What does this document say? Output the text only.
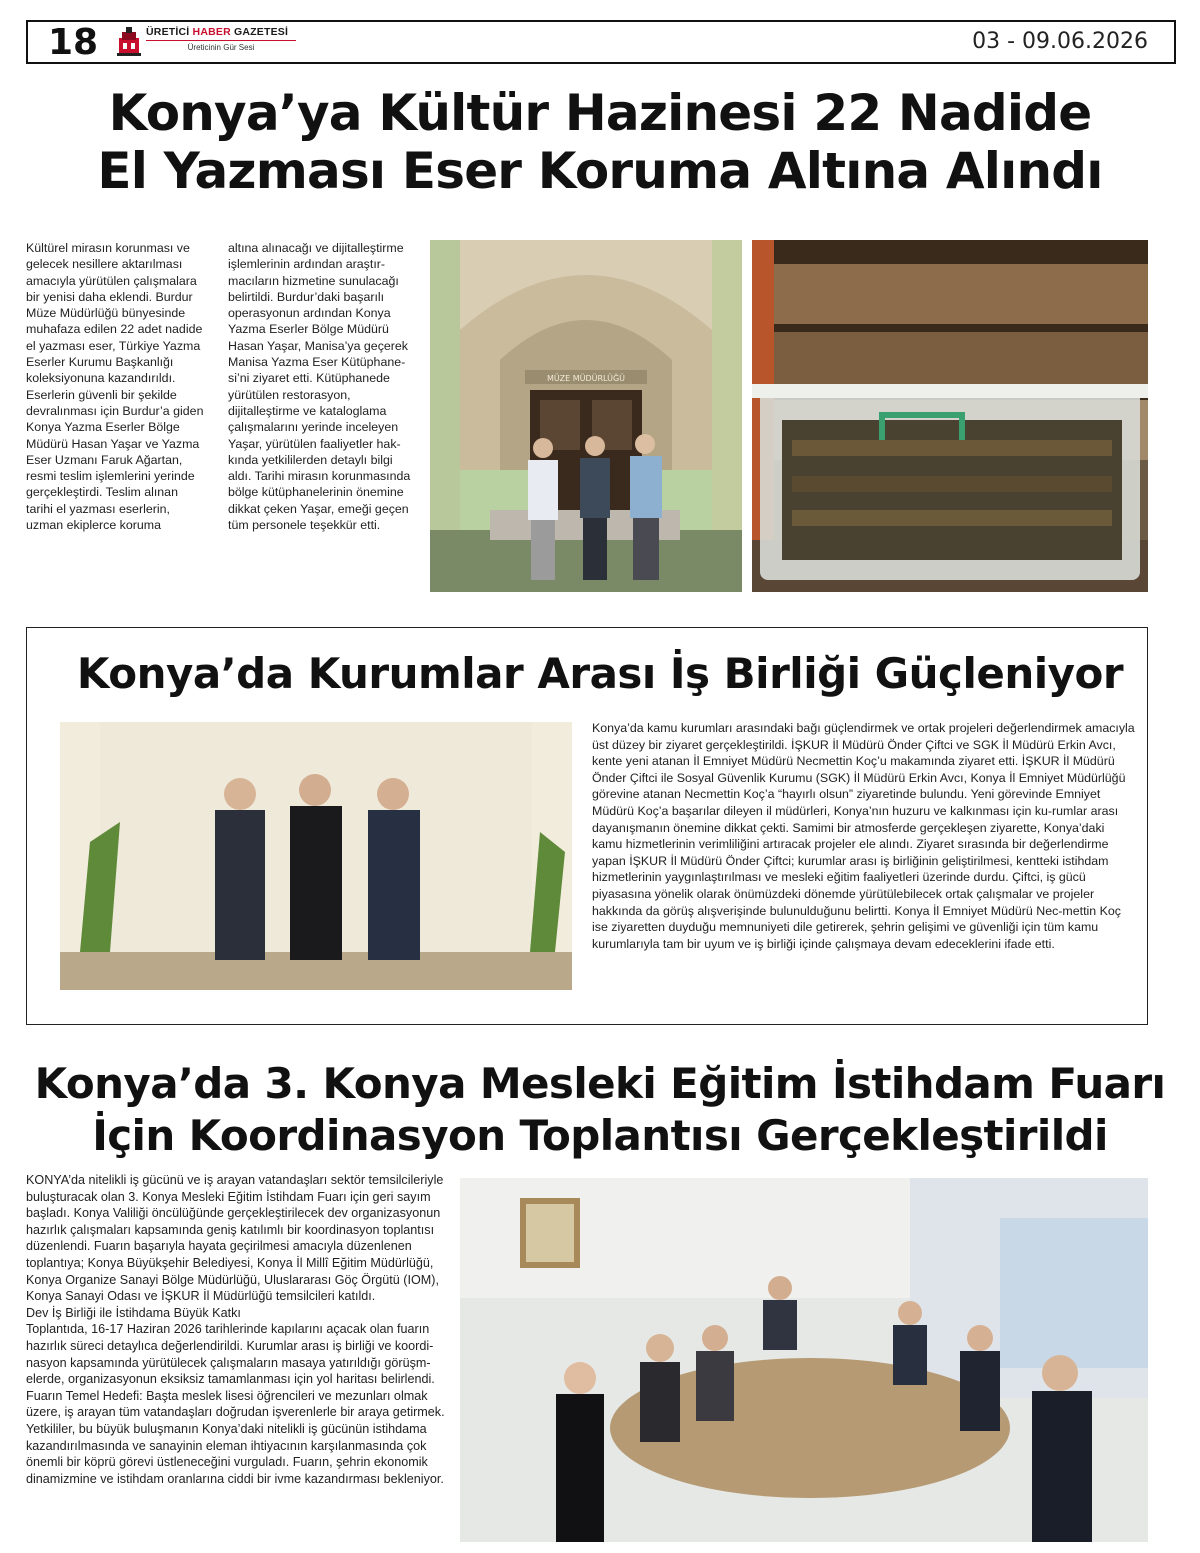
18	ÜRETİCİ HABER GAZETESİ
Üreticinin Gür Sesi	03 - 09.06.2026
Konya’ya Kültür Hazinesi 22 Nadide
El Yazması Eser Koruma Altına Alındı

Kültürel mirasın korunması ve gelecek nesillere aktarılması amacıyla yürütülen çalışmalara bir yenisi daha eklendi. Burdur Müze Müdürlüğü bünyesinde muhafaza edilen 22 adet nadide el yazması eser, Türkiye Yazma Eserler Kurumu Başkanlığı koleksiyonuna kazandırıldı. Eserlerin güvenli bir şekilde devralınması için Burdur’a giden Konya Yazma Eserler Bölge Müdürü Hasan Yaşar ve Yazma Eser Uzmanı Faruk Ağartan, resmi teslim işlemlerini yerinde gerçekleştirdi. Teslim alınan tarihi el yazması eserlerin, uzman ekiplerce koruma

altına alınacağı ve dijitalleştirme işlemlerinin ardından araştır-macıların hizmetine sunulacağı belirtildi. Burdur’daki başarılı operasyonun ardından Konya Yazma Eserler Bölge Müdürü Hasan Yaşar, Manisa’ya geçerek Manisa Yazma Eser Kütüphane-si’ni ziyaret etti. Kütüphanede yürütülen restorasyon, dijitalleştirme ve kataloglama çalışmalarını yerinde inceleyen Yaşar, yürütülen faaliyetler hak-kında yetkililerden detaylı bilgi aldı. Tarihi mirasın korunmasında bölge kütüphanelerinin önemine dikkat çeken Yaşar, emeği geçen tüm personele teşekkür etti.

MÜZE MÜDÜRLÜĞÜ
Konya’da Kurumlar Arası İş Birliği Güçleniyor

Konya’da kamu kurumları arasındaki bağı güçlendirmek ve ortak projeleri değerlendirmek amacıyla üst düzey bir ziyaret gerçekleştirildi. İŞKUR İl Müdürü Önder Çiftci ve SGK İl Müdürü Erkin Avcı, kente yeni atanan İl Emniyet Müdürü Necmettin Koç’u makamında ziyaret etti. İŞKUR İl Müdürü Önder Çiftci ile Sosyal Güvenlik Kurumu (SGK) İl Müdürü Erkin Avcı, Konya İl Emniyet Müdürlüğü görevine atanan Necmettin Koç’a “hayırlı olsun” ziyaretinde bulundu. Yeni görevinde Emniyet Müdürü Koç’a başarılar dileyen il müdürleri, Konya’nın huzuru ve kalkınması için ku-rumlar arası dayanışmanın önemine dikkat çekti. Samimi bir atmosferde gerçekleşen ziyarette, Konya’daki kamu hizmetlerinin verimliliğini artıracak projeler ele alındı. Ziyaret sırasında bir değerlendirme yapan İŞKUR İl Müdürü Önder Çiftci; kurumlar arası iş birliğinin geliştirilmesi, kentteki istihdam hizmetlerinin yaygınlaştırılması ve mesleki eğitim faaliyetleri üzerinde durdu. Çiftci, iş gücü piyasasına yönelik olarak önümüzdeki dönemde yürütülebilecek ortak çalışmalar ve projeler hakkında da görüş alışverişinde bulunulduğunu belirtti. Konya İl Emniyet Müdürü Nec-mettin Koç ise ziyaretten duyduğu memnuniyeti dile getirerek, şehrin gelişimi ve güvenliği için tüm kamu kurumlarıyla tam bir uyum ve iş birliği içinde çalışmaya devam edeceklerini ifade etti.

Konya’da 3. Konya Mesleki Eğitim İstihdam Fuarı
İçin Koordinasyon Toplantısı Gerçekleştirildi

KONYA’da nitelikli iş gücünü ve iş arayan vatandaşları sektör temsilcileriyle buluşturacak olan 3. Konya Mesleki Eğitim İstihdam Fuarı için geri sayım başladı. Konya Valiliği öncülüğünde gerçekleştirilecek dev organizasyonun hazırlık çalışmaları kapsamında geniş katılımlı bir koordinasyon toplantısı düzenlendi. Fuarın başarıyla hayata geçirilmesi amacıyla düzenlenen toplantıya; Konya Büyükşehir Belediyesi, Konya İl Millî Eğitim Müdürlüğü, Konya Organize Sanayi Bölge Müdürlüğü, Uluslararası Göç Örgütü (IOM), Konya Sanayi Odası ve İŞKUR İl Müdürlüğü temsilcileri katıldı.

Dev İş Birliği ile İstihdama Büyük Katkı

Toplantıda, 16-17 Haziran 2026 tarihlerinde kapılarını açacak olan fuarın hazırlık süreci detaylıca değerlendirildi. Kurumlar arası iş birliği ve koordi-nasyon kapsamında yürütülecek çalışmaların masaya yatırıldığı görüşm-elerde, organizasyonun eksiksiz tamamlanması için yol haritası belirlendi.

Fuarın Temel Hedefi: Başta meslek lisesi öğrencileri ve mezunları olmak üzere, iş arayan tüm vatandaşları doğrudan işverenlerle bir araya getirmek. Yetkililer, bu büyük buluşmanın Konya’daki nitelikli iş gücünün istihdama kazandırılmasında ve sanayinin eleman ihtiyacının karşılanmasında çok önemli bir köprü görevi üstleneceğini vurguladı. Fuarın, şehrin ekonomik dinamizmine ve istihdam oranlarına ciddi bir ivme kazandırması bekleniyor.
